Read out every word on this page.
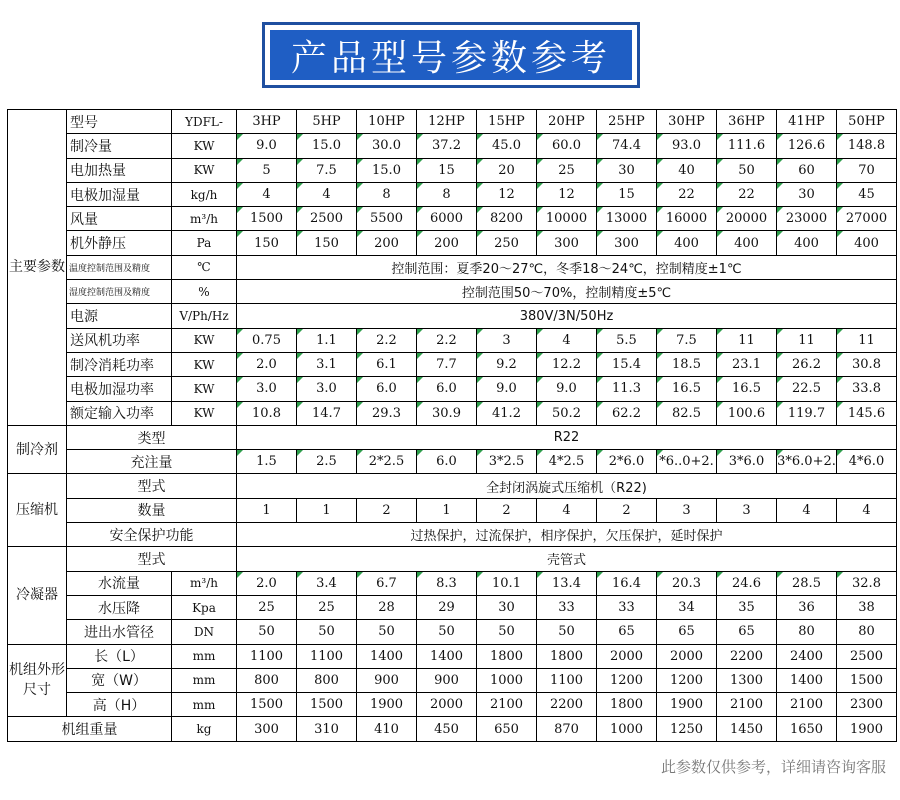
产品型号参数参考
主要参数	型号	YDFL-	3HP	5HP	10HP	12HP	15HP	20HP	25HP	30HP	36HP	41HP	50HP
	制冷量	KW	9.0	15.0	30.0	37.2	45.0	60.0	74.4	93.0	111.6	126.6	148.8
	电加热量	KW	5	7.5	15.0	15	20	25	30	40	50	60	70
	电极加湿量	kg/h	4	4	8	8	12	12	15	22	22	30	45
	风量	m³/h	1500	2500	5500	6000	8200	10000	13000	16000	20000	23000	27000
	机外静压	Pa	150	150	200	200	250	300	300	400	400	400	400
	温度控制范围及精度	℃	控制范围：夏季20～27℃，冬季18～24℃，控制精度±1℃										
	湿度控制范围及精度	%	控制范围50～70%，控制精度±5℃										
	电源	V/Ph/Hz	380V/3N/50Hz										
	送风机功率	KW	0.75	1.1	2.2	2.2	3	4	5.5	7.5	11	11	11
	制冷消耗功率	KW	2.0	3.1	6.1	7.7	9.2	12.2	15.4	18.5	23.1	26.2	30.8
	电极加湿功率	KW	3.0	3.0	6.0	6.0	9.0	9.0	11.3	16.5	16.5	22.5	33.8
	额定输入功率	KW	10.8	14.7	29.3	30.9	41.2	50.2	62.2	82.5	100.6	119.7	145.6
制冷剂	类型		R22										
	充注量		1.5	2.5	2*2.5	6.0	3*2.5	4*2.5	2*6.0	*6..0+2.	3*6.0	3*6.0+2.	4*6.0
压缩机	型式		全封闭涡旋式压缩机（R22)										
	数量		1	1	2	1	2	4	2	3	3	4	4
	安全保护功能		过热保护，过流保护，相序保护，欠压保护，延时保护										
冷凝器	型式		壳管式										
	水流量	m³/h	2.0	3.4	6.7	8.3	10.1	13.4	16.4	20.3	24.6	28.5	32.8
	水压降	Kpa	25	25	28	29	30	33	33	34	35	36	38
	进出水管径	DN	50	50	50	50	50	50	65	65	65	80	80
机组外形尺寸	长（L）	mm	1100	1100	1400	1400	1800	1800	2000	2000	2200	2400	2500
	宽（W）	mm	800	800	900	900	1000	1100	1200	1200	1300	1400	1500
	高（H）	mm	1500	1500	1900	2000	2100	2200	1800	1900	2100	2100	2300
机组重量		kg	300	310	410	450	650	870	1000	1250	1450	1650	1900
此参数仅供参考，详细请咨询客服
